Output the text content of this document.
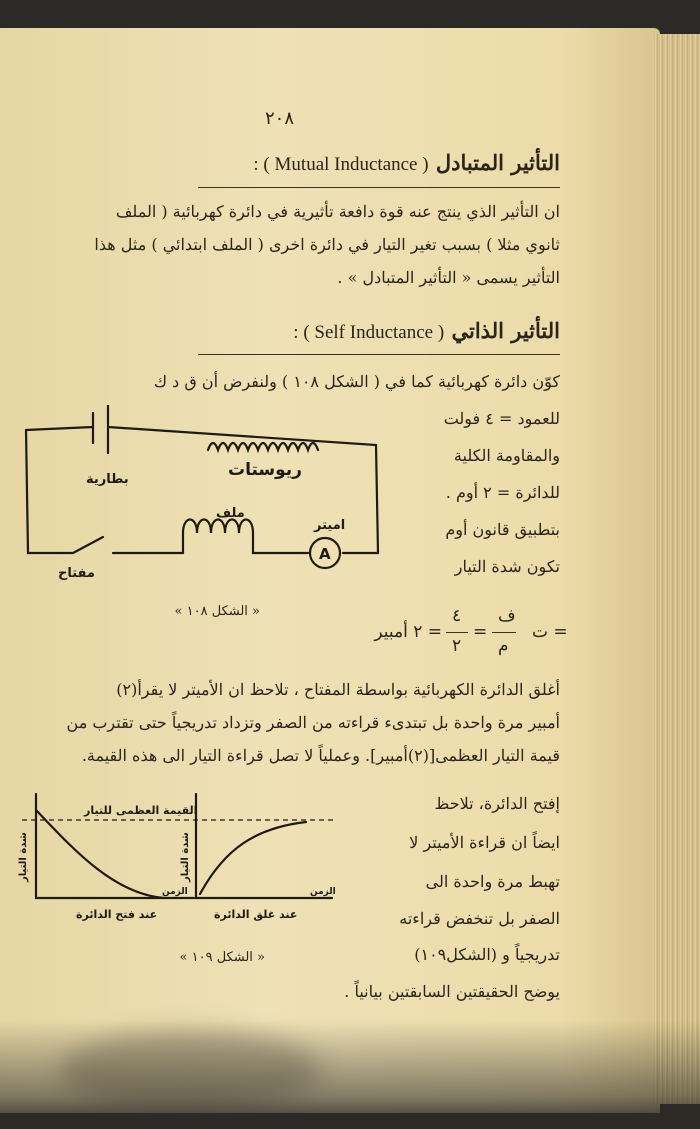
٢٠٨
التأثير المتبادل ( Mutual Inductance ) :
ان التأثير الذي ينتج عنه قوة دافعة تأثيرية في دائرة كهربائية ( الملف
ثانوي مثلا ) بسبب تغير التيار في دائرة اخرى ( الملف ابتدائي ) مثل هذا
التأثير يسمى « التأثير المتبادل » .
التأثير الذاتي ( Self Inductance ) :
كوّن دائرة كهربائية كما في ( الشكل ١٠٨ ) ولنفرض أن ق د ك
للعمود = ٤ فولت
والمقاومة الكلية
للدائرة = ٢ أوم .
بتطبيق قانون أوم
تكون شدة التيار
A
ريوستات
بطارية
ملف
اميتر
مفتاح
« الشكل ١٠٨ »
ت =
ف
م
=
٤
٢
= ٢ أمبير
أغلق الدائرة الكهربائية بواسطة المفتاح ، تلاحظ ان الأميتر لا يقرأ(٢)
أمبير مرة واحدة بل تبتدىء قراءته من الصفر وتزداد تدريجياً حتى تقترب من
قيمة التيار العظمى[(٢)أمبير]. وعملياً لا تصل قراءة التيار الى هذه القيمة.
إفتح الدائرة، تلاحظ
ايضاً ان قراءة الأميتر لا
تهبط مرة واحدة الى
الصفر بل تنخفض قراءته
تدريجياً و (الشكل١٠٩)
يوضح الحقيقتين السابقتين بيانياً .
القيمة العظمى للتيار
شدة التيار	شدة التيار
الزمن	الزمن
عند فتح الدائرة	عند غلق الدائرة
« الشكل ١٠٩ »
